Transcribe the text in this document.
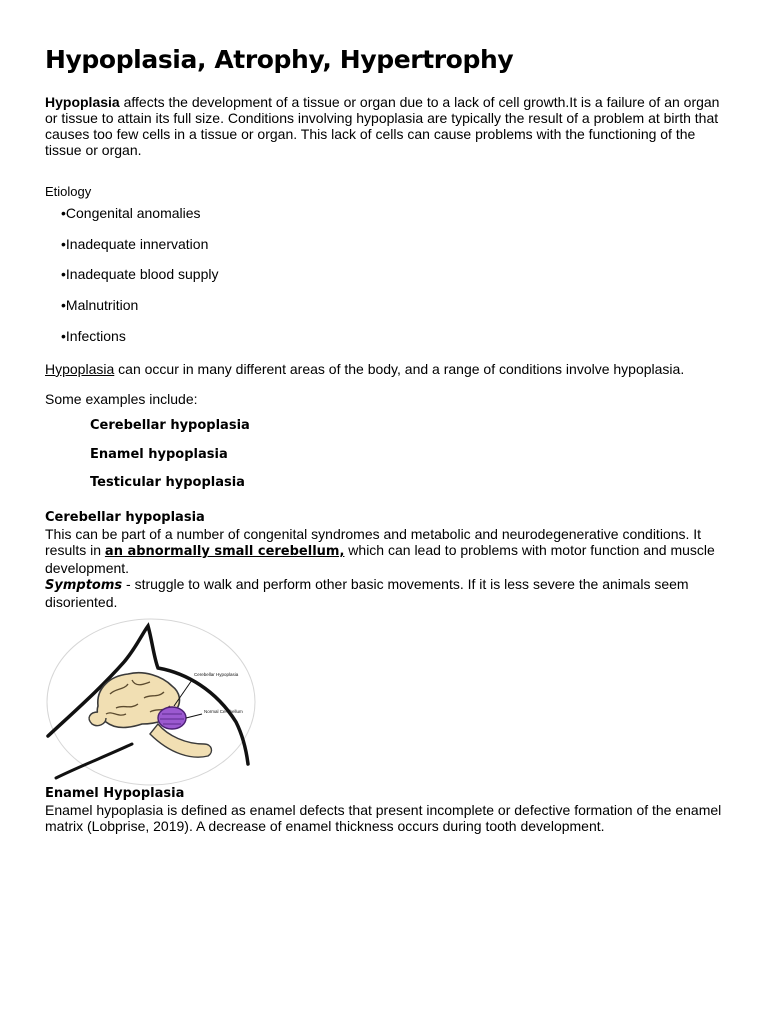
Hypoplasia, Atrophy, Hypertrophy

Hypoplasia affects the development of a tissue or organ due to a lack of cell growth.It is a failure of an organ or tissue to attain its full size. Conditions involving hypoplasia are typically the result of a problem at birth that causes too few cells in a tissue or organ. This lack of cells can cause problems with the functioning of the tissue or organ.

Etiology
•Congenital anomalies
•Inadequate innervation
•Inadequate blood supply
•Malnutrition
•Infections

Hypoplasia can occur in many different areas of the body, and a range of conditions involve hypoplasia.

Some examples include:

Cerebellar hypoplasia
Enamel hypoplasia
Testicular hypoplasia
Cerebellar hypoplasia

This can be part of a number of congenital syndromes and metabolic and neurodegenerative conditions. It results in an abnormally small cerebellum, which can lead to problems with motor function and muscle development.

Symptoms - struggle to walk and perform other basic movements. If it is less severe the animals seem disoriented.

Cerebellar Hypoplasia
Normal Cerebellum
Enamel Hypoplasia

Enamel hypoplasia is defined as enamel defects that present incomplete or defective formation of the enamel matrix (Lobprise, 2019). A decrease of enamel thickness occurs during tooth development.
